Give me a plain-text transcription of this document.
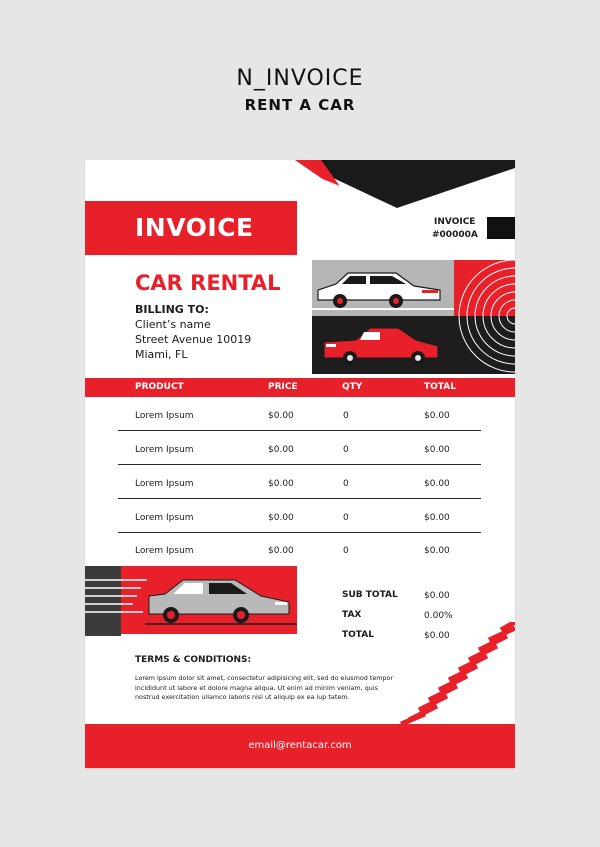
N_INVOICE
RENT A CAR
INVOICE	INVOICE
#00000A
CAR RENTAL
BILLING TO:
Client’s name
Street Avenue 10019
Miami, FL
PRODUCT	PRICE	QTY	TOTAL
Lorem Ipsum	$0.00	0	$0.00
Lorem Ipsum	$0.00	0	$0.00
Lorem Ipsum	$0.00	0	$0.00
Lorem Ipsum	$0.00	0	$0.00
Lorem Ipsum	$0.00	0	$0.00
SUB TOTAL	$0.00
TAX	0.00%
TOTAL	$0.00
TERMS & CONDITIONS:
Lorem ipsum dolor sit amet, consectetur adipisicing elit, sed do eiusmod tempor
incididunt ut labore et dolore magna aliqua. Ut enim ad minim veniam, quis
nostrud exercitation ullamco laboris nisi ut aliquip ex ea lup tatem.
email@rentacar.com
